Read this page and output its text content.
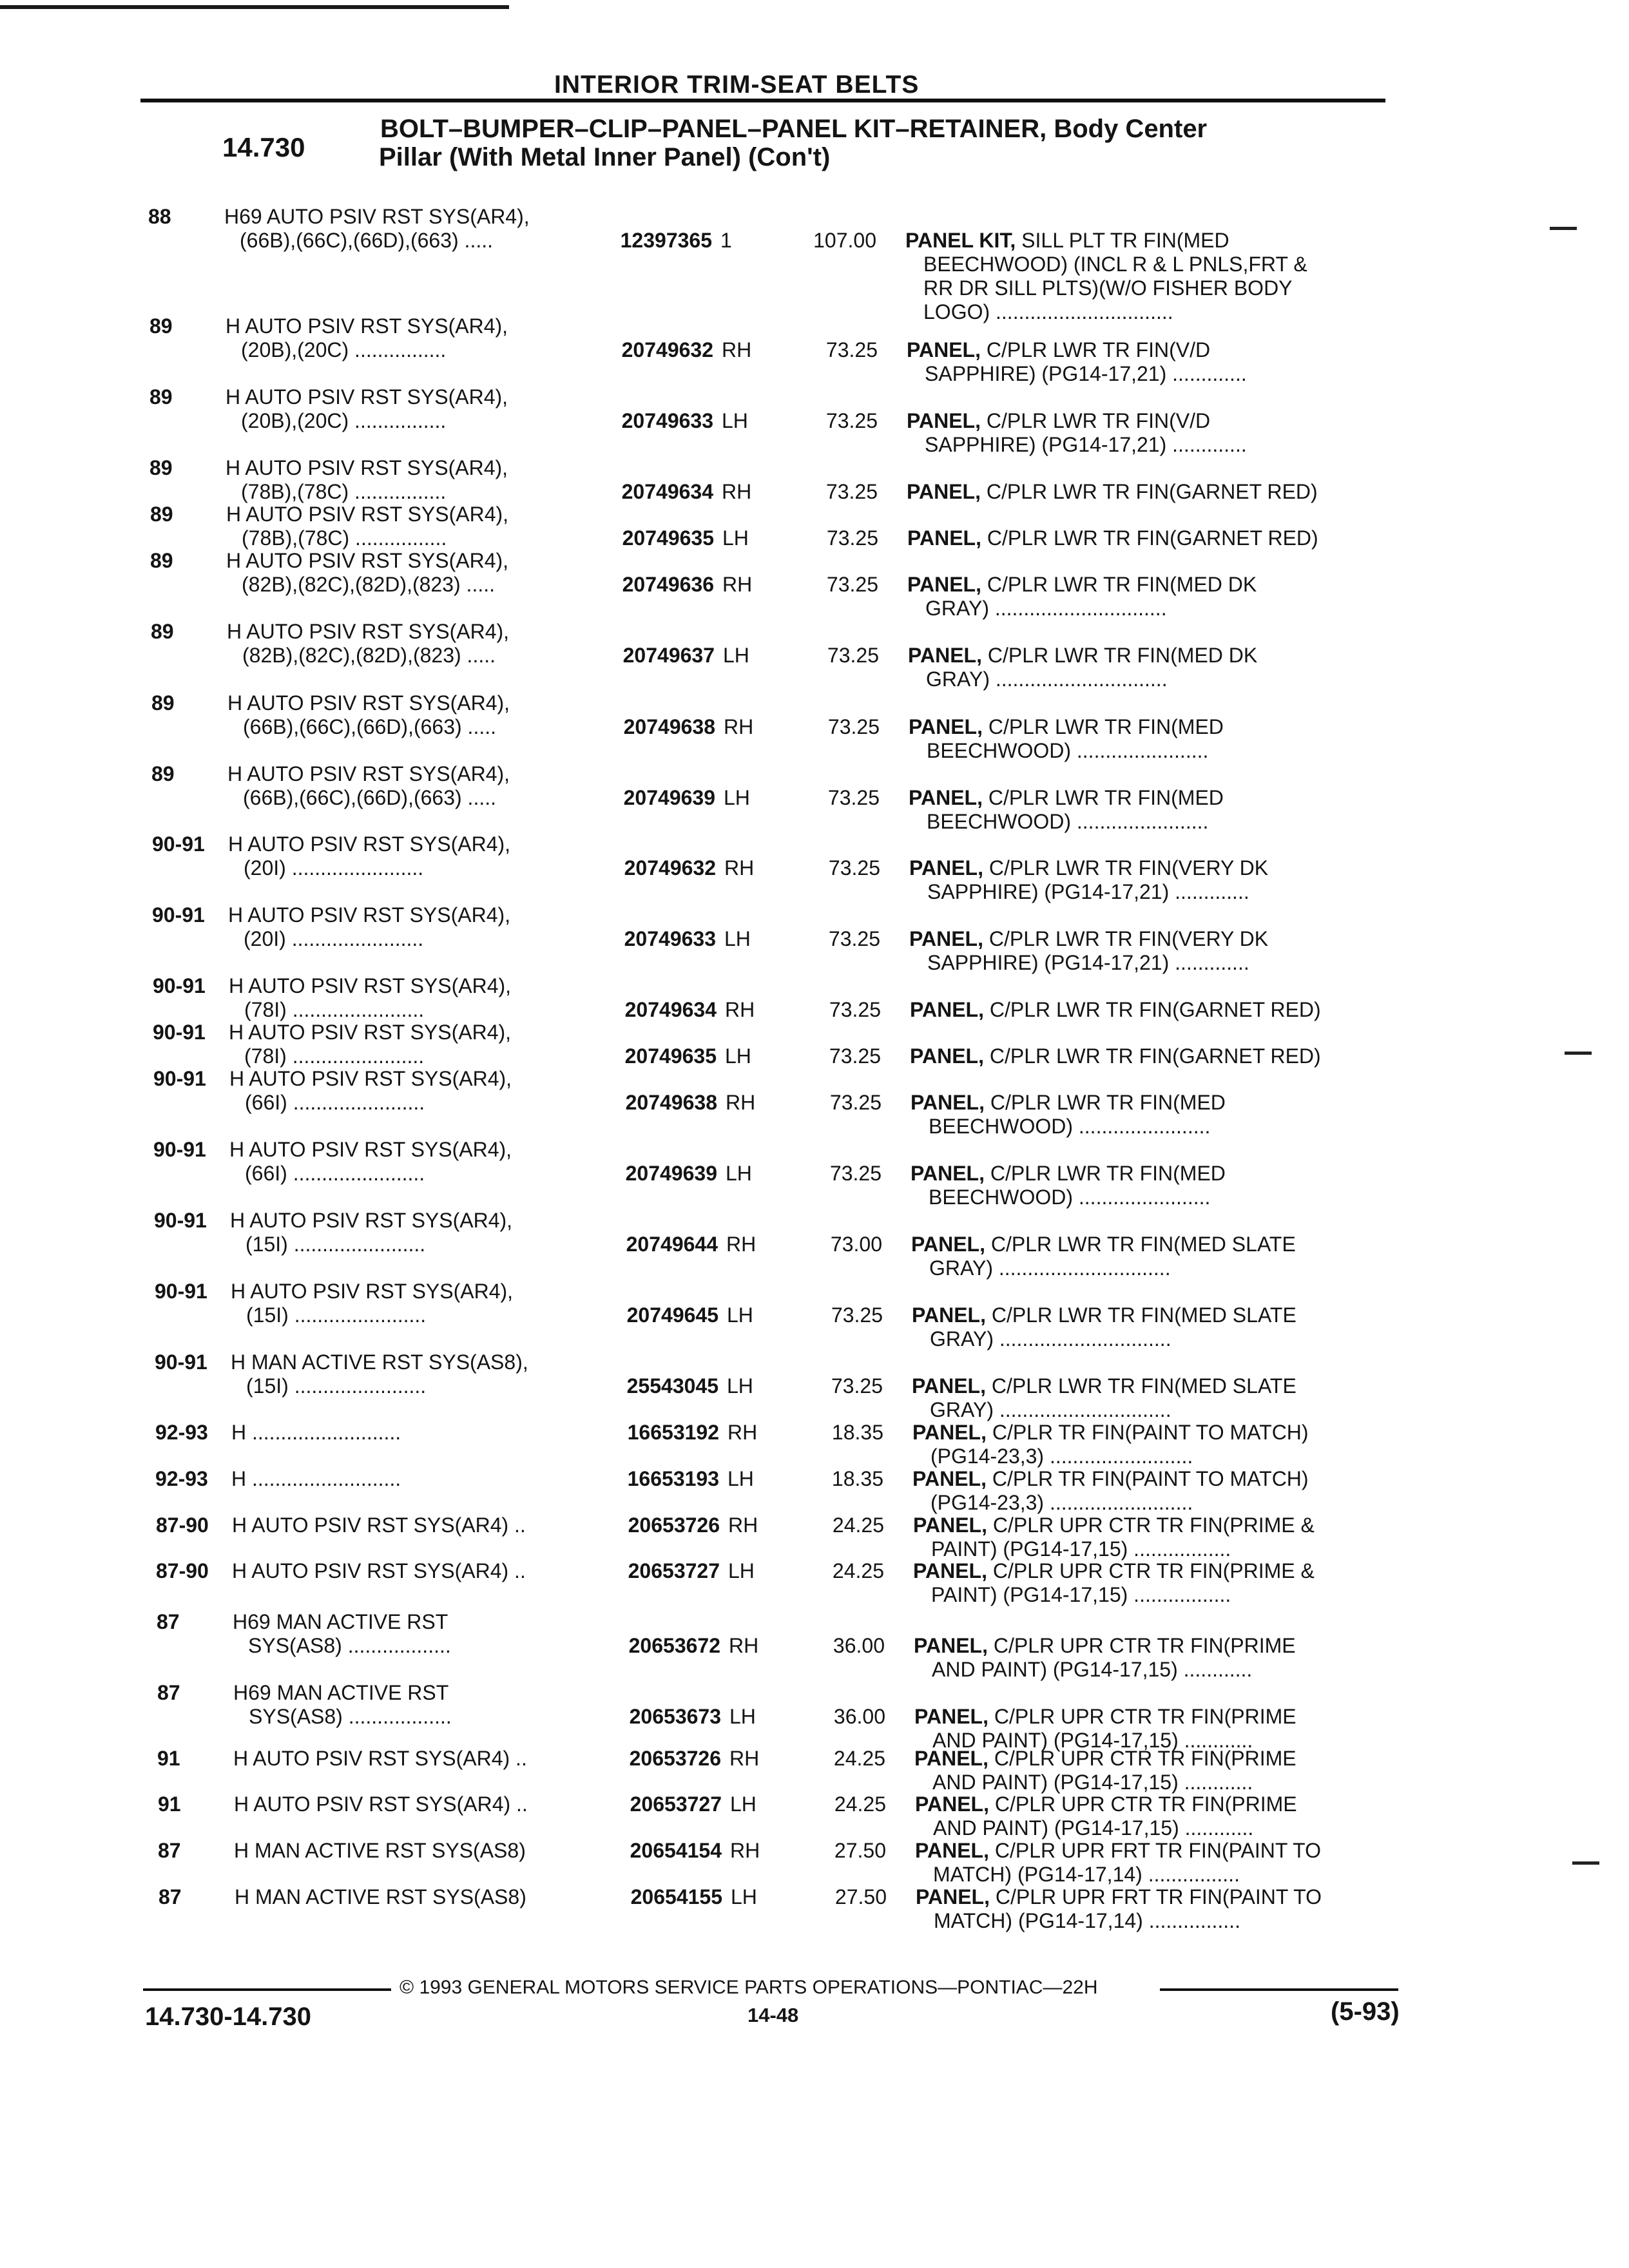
INTERIOR TRIM-SEAT BELTS
14.730
BOLT–BUMPER–CLIP–PANEL–PANEL KIT–RETAINER, Body Center
Pillar (With Metal Inner Panel) (Con't)
88	H69 AUTO PSIV RST SYS(AR4),
(66B),(66C),(66D),(663) .....	12397365 1	107.00 PANEL KIT, SILL PLT TR FIN(MED
BEECHWOOD) (INCL R & L PNLS,FRT &
RR DR SILL PLTS)(W/O FISHER BODY
LOGO) ...............................
89	H AUTO PSIV RST SYS(AR4),
(20B),(20C) ................	20749632 RH	73.25 PANEL, C/PLR LWR TR FIN(V/D
SAPPHIRE) (PG14-17,21) .............
89	H AUTO PSIV RST SYS(AR4),
(20B),(20C) ................	20749633 LH	73.25 PANEL, C/PLR LWR TR FIN(V/D
SAPPHIRE) (PG14-17,21) .............
89	H AUTO PSIV RST SYS(AR4),
(78B),(78C) ................	20749634 RH	73.25 PANEL, C/PLR LWR TR FIN(GARNET RED)
89	H AUTO PSIV RST SYS(AR4),
(78B),(78C) ................	20749635 LH	73.25 PANEL, C/PLR LWR TR FIN(GARNET RED)
89	H AUTO PSIV RST SYS(AR4),
(82B),(82C),(82D),(823) .....	20749636 RH	73.25 PANEL, C/PLR LWR TR FIN(MED DK
GRAY) ..............................
89	H AUTO PSIV RST SYS(AR4),
(82B),(82C),(82D),(823) .....	20749637 LH	73.25 PANEL, C/PLR LWR TR FIN(MED DK
GRAY) ..............................
89	H AUTO PSIV RST SYS(AR4),
(66B),(66C),(66D),(663) .....	20749638 RH	73.25 PANEL, C/PLR LWR TR FIN(MED
BEECHWOOD) .......................
89	H AUTO PSIV RST SYS(AR4),
(66B),(66C),(66D),(663) .....	20749639 LH	73.25 PANEL, C/PLR LWR TR FIN(MED
BEECHWOOD) .......................
90-91	H AUTO PSIV RST SYS(AR4),
(20I) .......................	20749632 RH	73.25 PANEL, C/PLR LWR TR FIN(VERY DK
SAPPHIRE) (PG14-17,21) .............
90-91	H AUTO PSIV RST SYS(AR4),
(20I) .......................	20749633 LH	73.25 PANEL, C/PLR LWR TR FIN(VERY DK
SAPPHIRE) (PG14-17,21) .............
90-91	H AUTO PSIV RST SYS(AR4),
(78I) .......................	20749634 RH	73.25 PANEL, C/PLR LWR TR FIN(GARNET RED)
90-91	H AUTO PSIV RST SYS(AR4),
(78I) .......................	20749635 LH	73.25 PANEL, C/PLR LWR TR FIN(GARNET RED)
90-91	H AUTO PSIV RST SYS(AR4),
(66I) .......................	20749638 RH	73.25 PANEL, C/PLR LWR TR FIN(MED
BEECHWOOD) .......................
90-91	H AUTO PSIV RST SYS(AR4),
(66I) .......................	20749639 LH	73.25 PANEL, C/PLR LWR TR FIN(MED
BEECHWOOD) .......................
90-91	H AUTO PSIV RST SYS(AR4),
(15I) .......................	20749644 RH	73.00 PANEL, C/PLR LWR TR FIN(MED SLATE
GRAY) ..............................
90-91	H AUTO PSIV RST SYS(AR4),
(15I) .......................	20749645 LH	73.25 PANEL, C/PLR LWR TR FIN(MED SLATE
GRAY) ..............................
90-91	H MAN ACTIVE RST SYS(AS8),
(15I) .......................	25543045 LH	73.25 PANEL, C/PLR LWR TR FIN(MED SLATE
GRAY) ..............................
92-93	H ..........................	16653192 RH	18.35 PANEL, C/PLR TR FIN(PAINT TO MATCH)
(PG14-23,3) .........................
92-93	H ..........................	16653193 LH	18.35 PANEL, C/PLR TR FIN(PAINT TO MATCH)
(PG14-23,3) .........................
87-90	H AUTO PSIV RST SYS(AR4) ..	20653726 RH	24.25 PANEL, C/PLR UPR CTR TR FIN(PRIME &
PAINT) (PG14-17,15) .................
87-90	H AUTO PSIV RST SYS(AR4) ..	20653727 LH	24.25 PANEL, C/PLR UPR CTR TR FIN(PRIME &
PAINT) (PG14-17,15) .................
87	H69 MAN ACTIVE RST
SYS(AS8) ..................	20653672 RH	36.00 PANEL, C/PLR UPR CTR TR FIN(PRIME
AND PAINT) (PG14-17,15) ............
87	H69 MAN ACTIVE RST
SYS(AS8) ..................	20653673 LH	36.00 PANEL, C/PLR UPR CTR TR FIN(PRIME
AND PAINT) (PG14-17,15) ............
91	H AUTO PSIV RST SYS(AR4) ..	20653726 RH	24.25 PANEL, C/PLR UPR CTR TR FIN(PRIME
AND PAINT) (PG14-17,15) ............
91	H AUTO PSIV RST SYS(AR4) ..	20653727 LH	24.25 PANEL, C/PLR UPR CTR TR FIN(PRIME
AND PAINT) (PG14-17,15) ............
87	H MAN ACTIVE RST SYS(AS8)	20654154 RH	27.50 PANEL, C/PLR UPR FRT TR FIN(PAINT TO
MATCH) (PG14-17,14) ................
87	H MAN ACTIVE RST SYS(AS8)	20654155 LH	27.50 PANEL, C/PLR UPR FRT TR FIN(PAINT TO
MATCH) (PG14-17,14) ................
© 1993 GENERAL MOTORS SERVICE PARTS OPERATIONS—PONTIAC—22H
14.730-14.730	14-48	(5-93)
